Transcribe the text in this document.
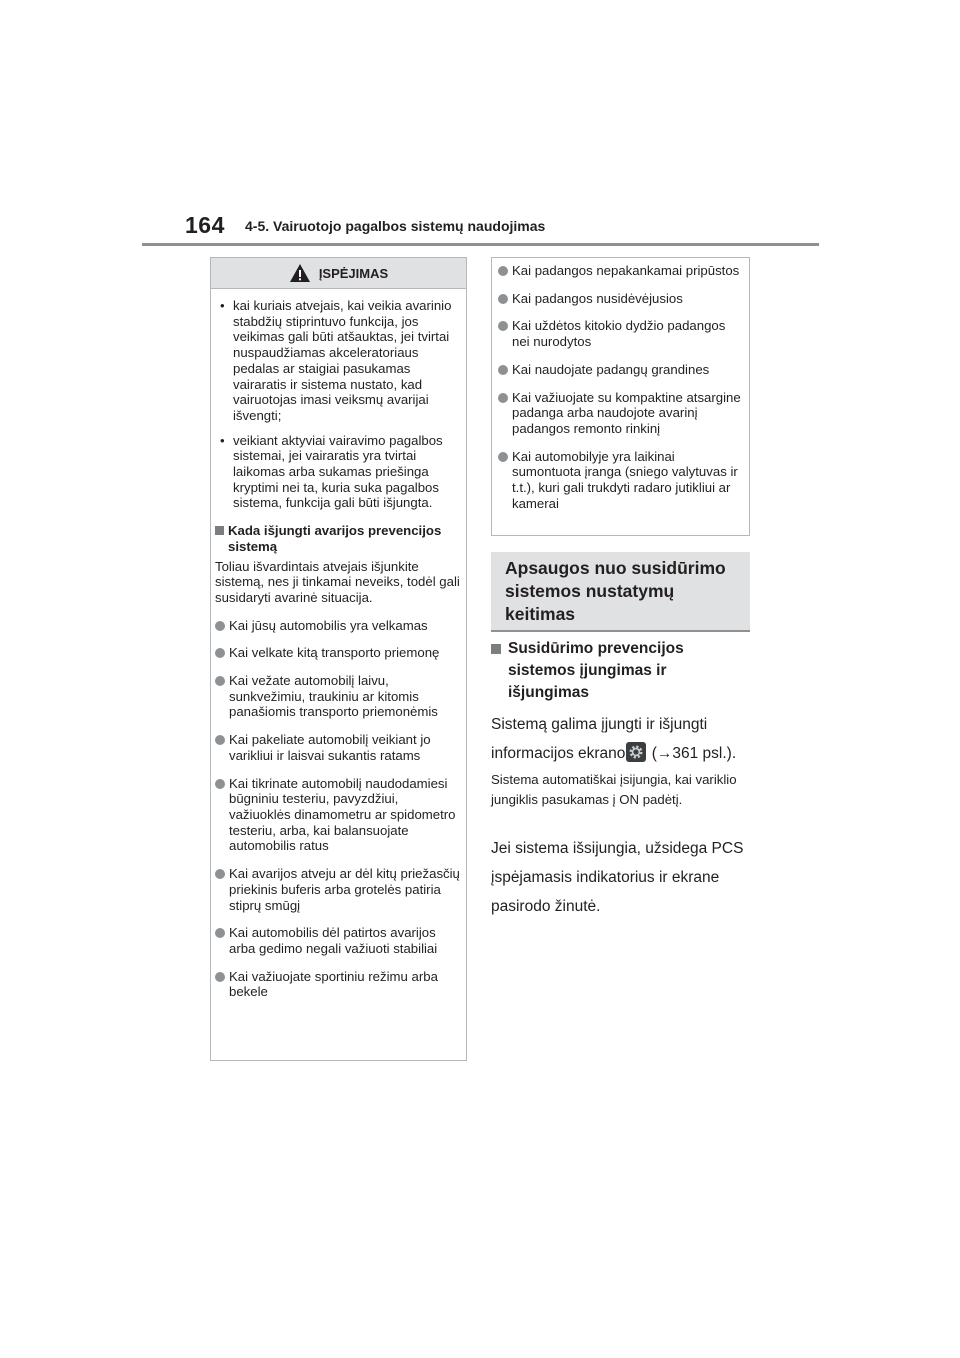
164 4-5. Vairuotojo pagalbos sistemų naudojimas
ĮSPĖJIMAS
• kai kuriais atvejais, kai veikia avarinio stabdžių stiprintuvo funkcija, jos veikimas gali būti atšauktas, jei tvirtai nuspaudžiamas akceleratoriaus pedalas ar staigiai pasukamas vairaratis ir sistema nustato, kad vairuotojas imasi veiksmų avarijai išvengti;
• veikiant aktyviai vairavimo pagalbos sistemai, jei vairaratis yra tvirtai laikomas arba sukamas priešinga kryptimi nei ta, kuria suka pagalbos sistema, funkcija gali būti išjungta.
Kada išjungti avarijos prevencijos sistemą
Toliau išvardintais atvejais išjunkite sistemą, nes ji tinkamai neveiks, todėl gali susidaryti avarinė situacija.
Kai jūsų automobilis yra velkamas
Kai velkate kitą transporto priemonę
Kai vežate automobilį laivu, sunkvežimiu, traukiniu ar kitomis panašiomis transporto priemonėmis
Kai pakeliate automobilį veikiant jo varikliui ir laisvai sukantis ratams
Kai tikrinate automobilį naudodamiesi būgniniu testeriu, pavyzdžiui, važiuoklės dinamometru ar spidometro testeriu, arba, kai balansuojate automobilis ratus
Kai avarijos atveju ar dėl kitų priežasčių priekinis buferis arba grotelės patiria stiprų smūgį
Kai automobilis dėl patirtos avarijos arba gedimo negali važiuoti stabiliai
Kai važiuojate sportiniu režimu arba bekele
Kai padangos nepakankamai pripūstos
Kai padangos nusidėvėjusios
Kai uždėtos kitokio dydžio padangos nei nurodytos
Kai naudojate padangų grandines
Kai važiuojate su kompaktine atsargine padanga arba naudojote avarinį padangos remonto rinkinį
Kai automobilyje yra laikinai sumontuota įranga (sniego valytuvas ir t.t.), kuri gali trukdyti radaro jutikliui ar kamerai
Apsaugos nuo susidūrimo sistemos nustatymų keitimas
Susidūrimo prevencijos sistemos įjungimas ir išjungimas
Sistemą galima įjungti ir išjungti informacijos ekrano
(→361 psl.).
Sistema automatiškai įsijungia, kai variklio jungiklis pasukamas į ON padėtį.
Jei sistema išsijungia, užsidega PCS įspėjamasis indikatorius ir ekrane pasirodo žinutė.
